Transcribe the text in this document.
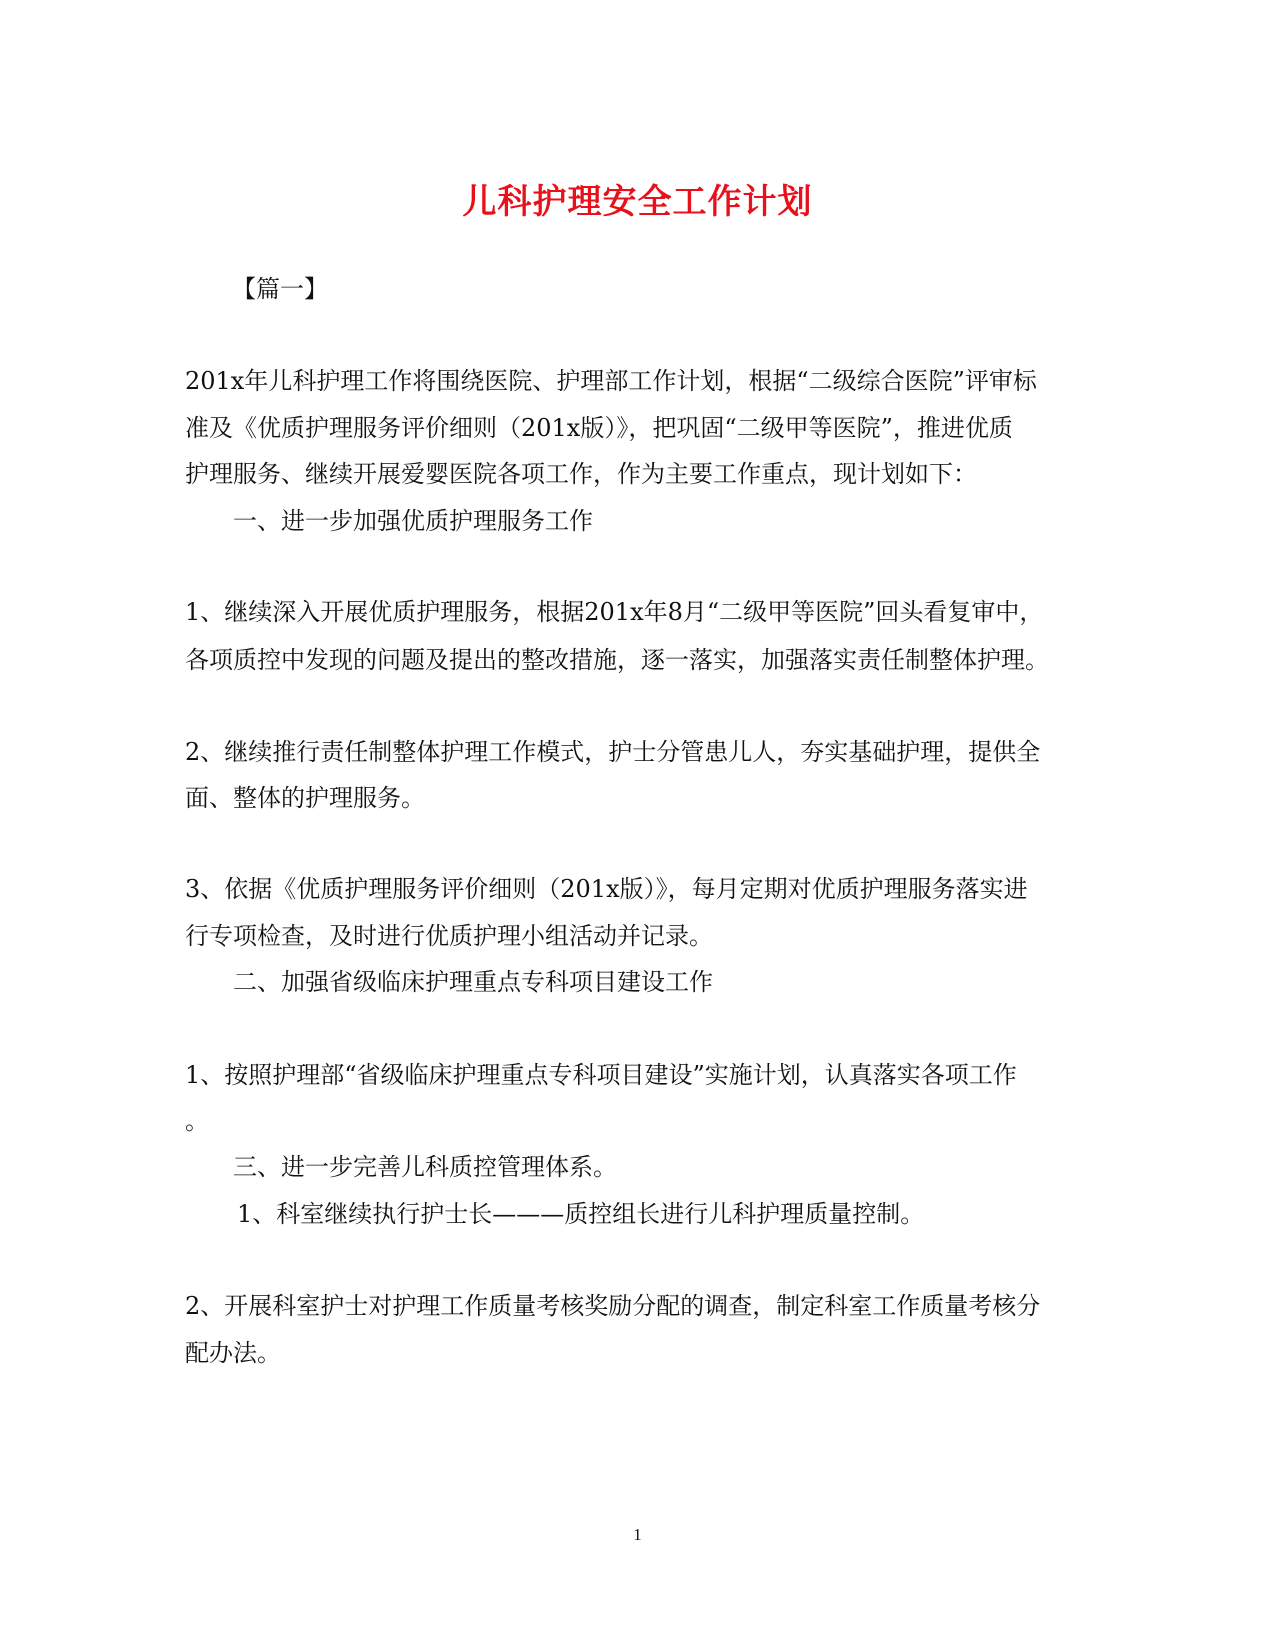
儿科护理安全工作计划
【篇一】
201x年儿科护理工作将围绕医院、护理部工作计划，根据“二级综合医院”评审标
准及《优质护理服务评价细则（201x版）》，把巩固“二级甲等医院”，推进优质
护理服务、继续开展爱婴医院各项工作，作为主要工作重点，现计划如下：
一、进一步加强优质护理服务工作
1、继续深入开展优质护理服务，根据201x年8月“二级甲等医院”回头看复审中，
各项质控中发现的问题及提出的整改措施，逐一落实，加强落实责任制整体护理。
2、继续推行责任制整体护理工作模式，护士分管患儿人，夯实基础护理，提供全
面、整体的护理服务。
3、依据《优质护理服务评价细则（201x版）》，每月定期对优质护理服务落实进
行专项检查，及时进行优质护理小组活动并记录。
二、加强省级临床护理重点专科项目建设工作
1、按照护理部“省级临床护理重点专科项目建设”实施计划，认真落实各项工作
。
三、进一步完善儿科质控管理体系。
1、科室继续执行护士长———质控组长进行儿科护理质量控制。
2、开展科室护士对护理工作质量考核奖励分配的调查，制定科室工作质量考核分
配办法。
1
